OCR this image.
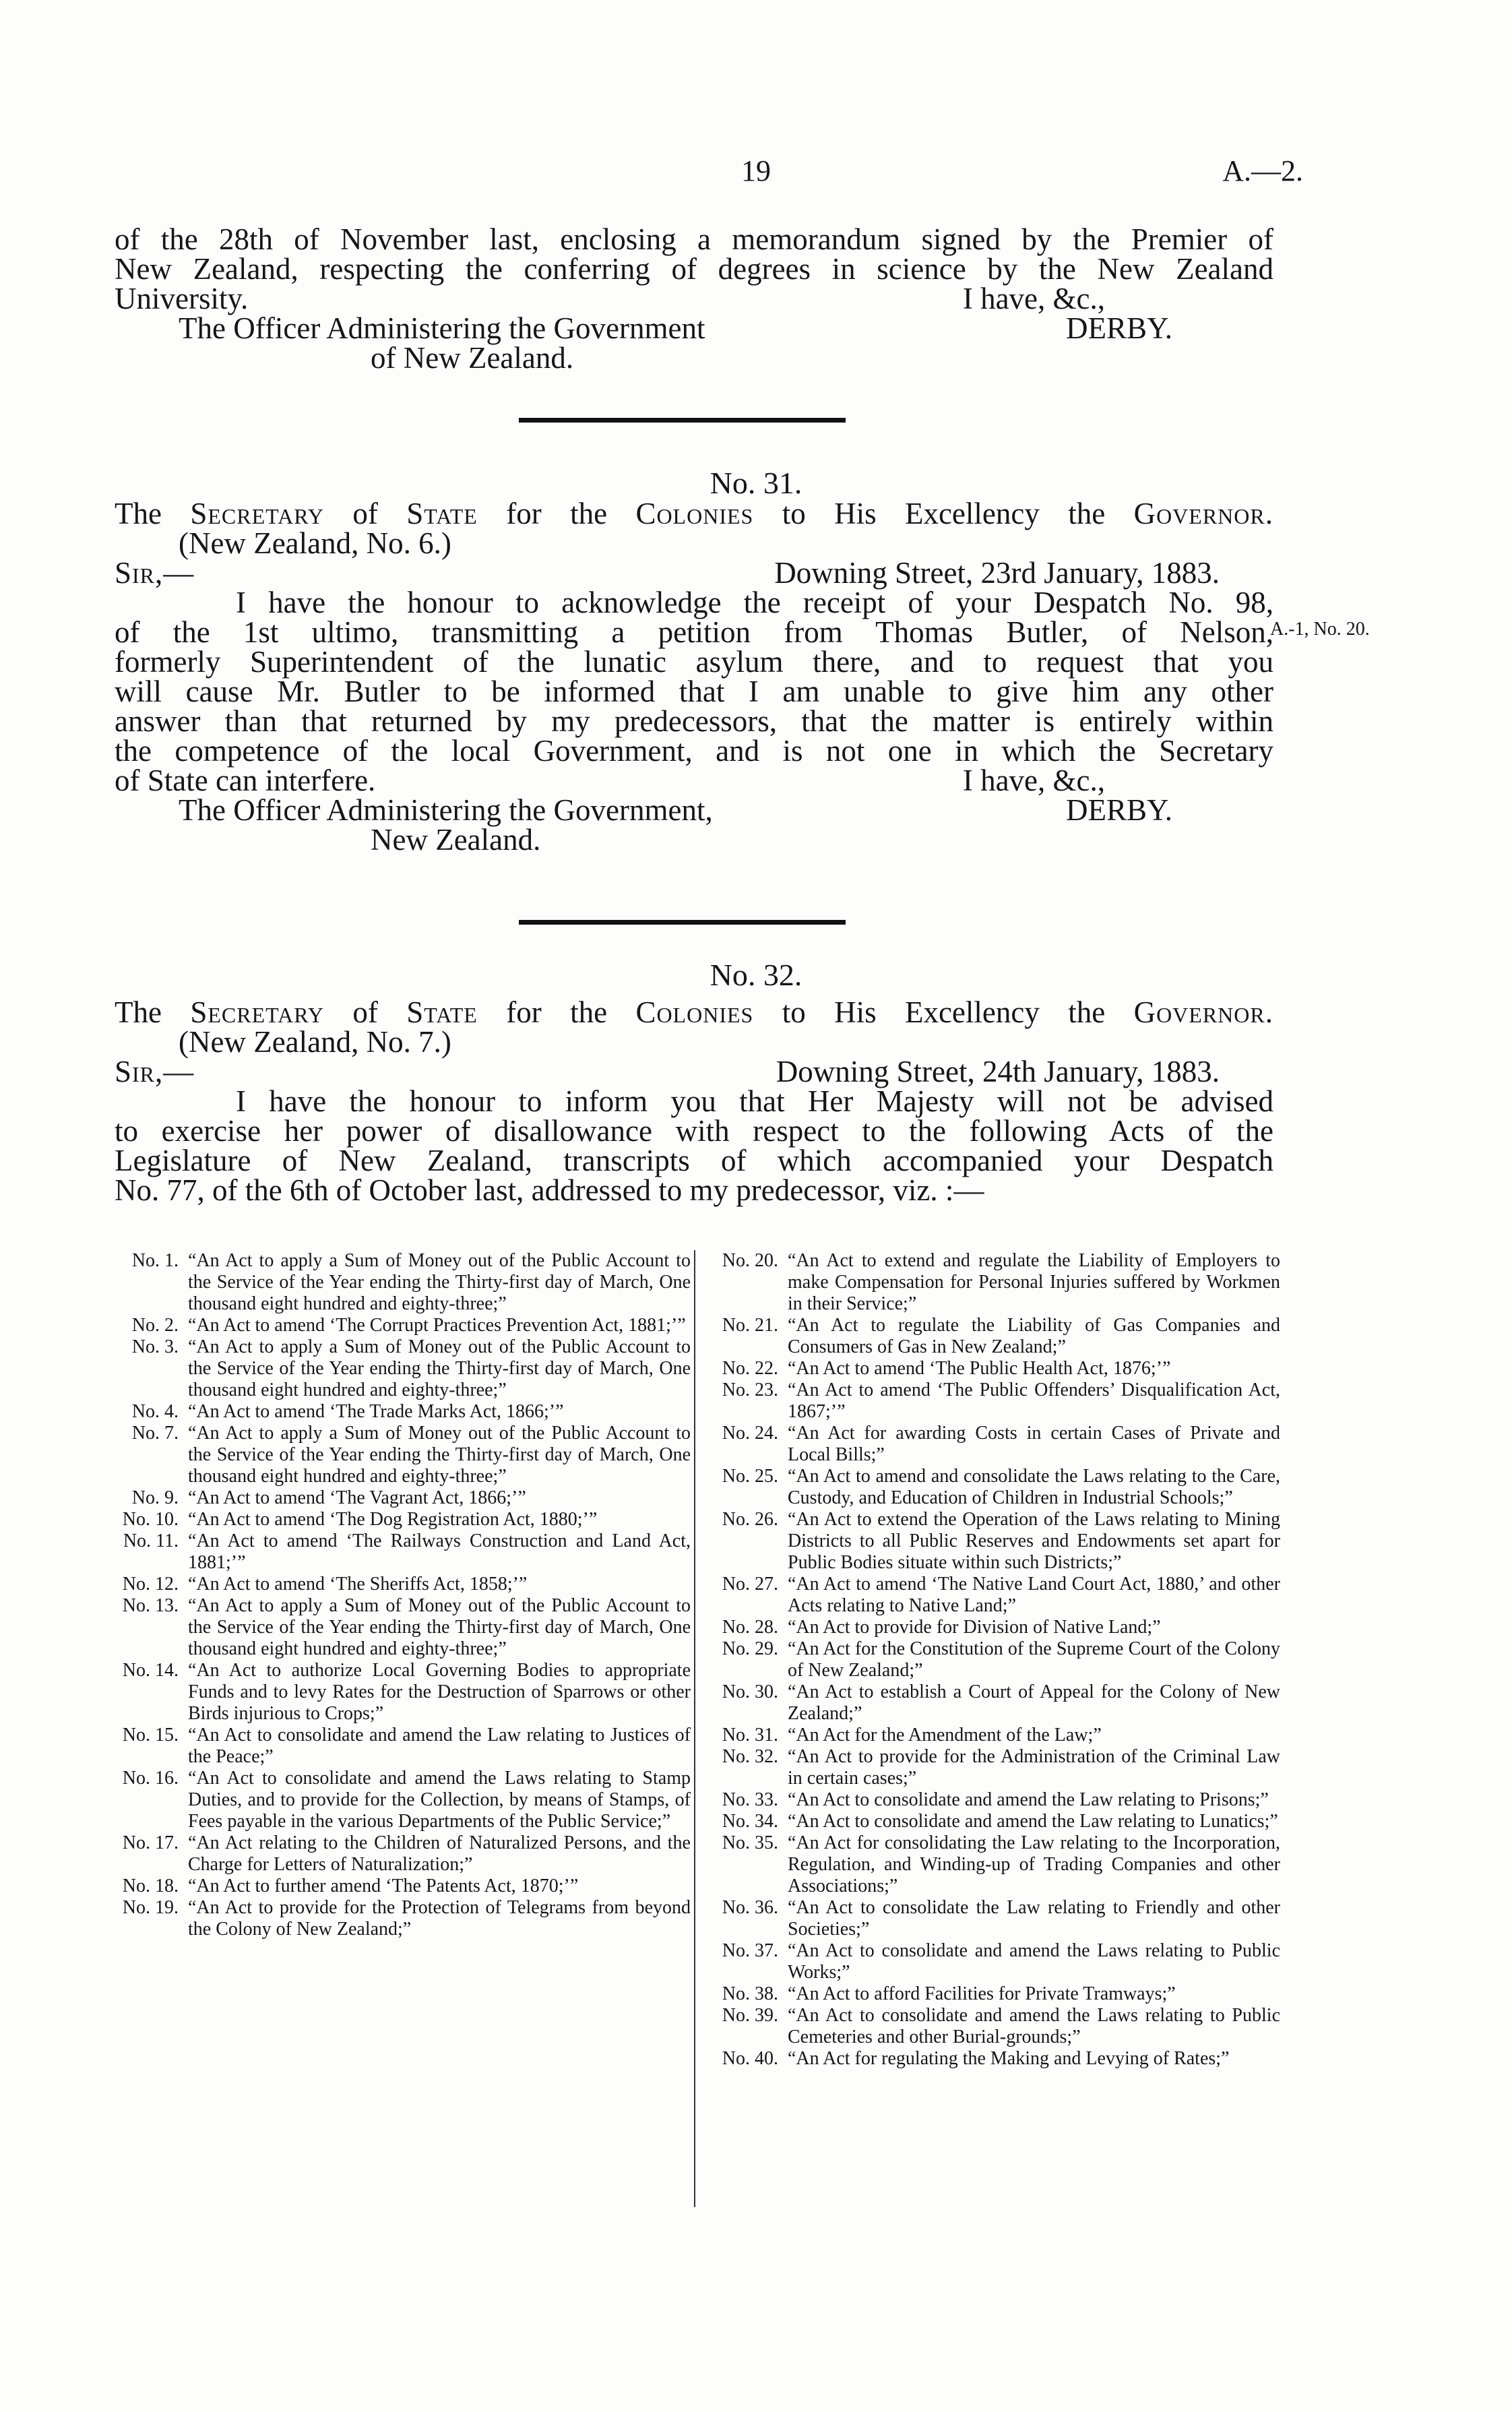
19	A.—2.
of the 28th of November last, enclosing a memorandum signed by the Premier of
New Zealand, respecting the conferring of degrees in science by the New Zealand
University.	I have, &c.,
The Officer Administering the Government	DERBY.
of New Zealand.
No. 31.
The Secretary of State for the Colonies to His Excellency the Governor.
(New Zealand, No. 6.)
Sir,—	Downing Street, 23rd January, 1883.
I have the honour to acknowledge the receipt of your Despatch No. 98,
of the 1st ultimo, transmitting a petition from Thomas Butler, of Nelson,
formerly Superintendent of the lunatic asylum there, and to request that you
will cause Mr. Butler to be informed that I am unable to give him any other
answer than that returned by my predecessors, that the matter is entirely within
the competence of the local Government, and is not one in which the Secretary
of State can interfere.	I have, &c.,
The Officer Administering the Government,	DERBY.
New Zealand.
A.-1, No. 20.
No. 32.
The Secretary of State for the Colonies to His Excellency the Governor.
(New Zealand, No. 7.)
Sir,—	Downing Street, 24th January, 1883.
I have the honour to inform you that Her Majesty will not be advised
to exercise her power of disallowance with respect to the following Acts of the
Legislature of New Zealand, transcripts of which accompanied your Despatch
No. 77, of the 6th of October last, addressed to my predecessor, viz. :—
No. 1. “An Act to apply a Sum of Money out of the Public Account to the Service of the Year ending the Thirty-first day of March, One thousand eight hundred and eighty-three;”
No. 2. “An Act to amend ‘The Corrupt Practices Prevention Act, 1881;’”
No. 3. “An Act to apply a Sum of Money out of the Public Account to the Service of the Year ending the Thirty-first day of March, One thousand eight hundred and eighty-three;”
No. 4. “An Act to amend ‘The Trade Marks Act, 1866;’”
No. 7. “An Act to apply a Sum of Money out of the Public Account to the Service of the Year ending the Thirty-first day of March, One thousand eight hundred and eighty-three;”
No. 9. “An Act to amend ‘The Vagrant Act, 1866;’”
No. 10. “An Act to amend ‘The Dog Registration Act, 1880;’”
No. 11. “An Act to amend ‘The Railways Construction and Land Act, 1881;’”
No. 12. “An Act to amend ‘The Sheriffs Act, 1858;’”
No. 13. “An Act to apply a Sum of Money out of the Public Account to the Service of the Year ending the Thirty-first day of March, One thousand eight hundred and eighty-three;”
No. 14. “An Act to authorize Local Governing Bodies to appropriate Funds and to levy Rates for the Destruction of Sparrows or other Birds injurious to Crops;”
No. 15. “An Act to consolidate and amend the Law relating to Justices of the Peace;”
No. 16. “An Act to consolidate and amend the Laws relating to Stamp Duties, and to provide for the Collection, by means of Stamps, of Fees payable in the various Departments of the Public Service;”
No. 17. “An Act relating to the Children of Naturalized Persons, and the Charge for Letters of Naturalization;”
No. 18. “An Act to further amend ‘The Patents Act, 1870;’”
No. 19. “An Act to provide for the Protection of Telegrams from beyond the Colony of New Zealand;”
No. 20. “An Act to extend and regulate the Liability of Employers to make Compensation for Personal Injuries suffered by Workmen in their Service;”
No. 21. “An Act to regulate the Liability of Gas Companies and Consumers of Gas in New Zealand;”
No. 22. “An Act to amend ‘The Public Health Act, 1876;’”
No. 23. “An Act to amend ‘The Public Offenders’ Disqualification Act, 1867;’”
No. 24. “An Act for awarding Costs in certain Cases of Private and Local Bills;”
No. 25. “An Act to amend and consolidate the Laws relating to the Care, Custody, and Education of Children in Industrial Schools;”
No. 26. “An Act to extend the Operation of the Laws relating to Mining Districts to all Public Reserves and Endowments set apart for Public Bodies situate within such Districts;”
No. 27. “An Act to amend ‘The Native Land Court Act, 1880,’ and other Acts relating to Native Land;”
No. 28. “An Act to provide for Division of Native Land;”
No. 29. “An Act for the Constitution of the Supreme Court of the Colony of New Zealand;”
No. 30. “An Act to establish a Court of Appeal for the Colony of New Zealand;”
No. 31. “An Act for the Amendment of the Law;”
No. 32. “An Act to provide for the Administration of the Criminal Law in certain cases;”
No. 33. “An Act to consolidate and amend the Law relating to Prisons;”
No. 34. “An Act to consolidate and amend the Law relating to Lunatics;”
No. 35. “An Act for consolidating the Law relating to the Incorporation, Regulation, and Winding-up of Trading Companies and other Associations;”
No. 36. “An Act to consolidate the Law relating to Friendly and other Societies;”
No. 37. “An Act to consolidate and amend the Laws relating to Public Works;”
No. 38. “An Act to afford Facilities for Private Tramways;”
No. 39. “An Act to consolidate and amend the Laws relating to Public Cemeteries and other Burial-grounds;”
No. 40. “An Act for regulating the Making and Levying of Rates;”
